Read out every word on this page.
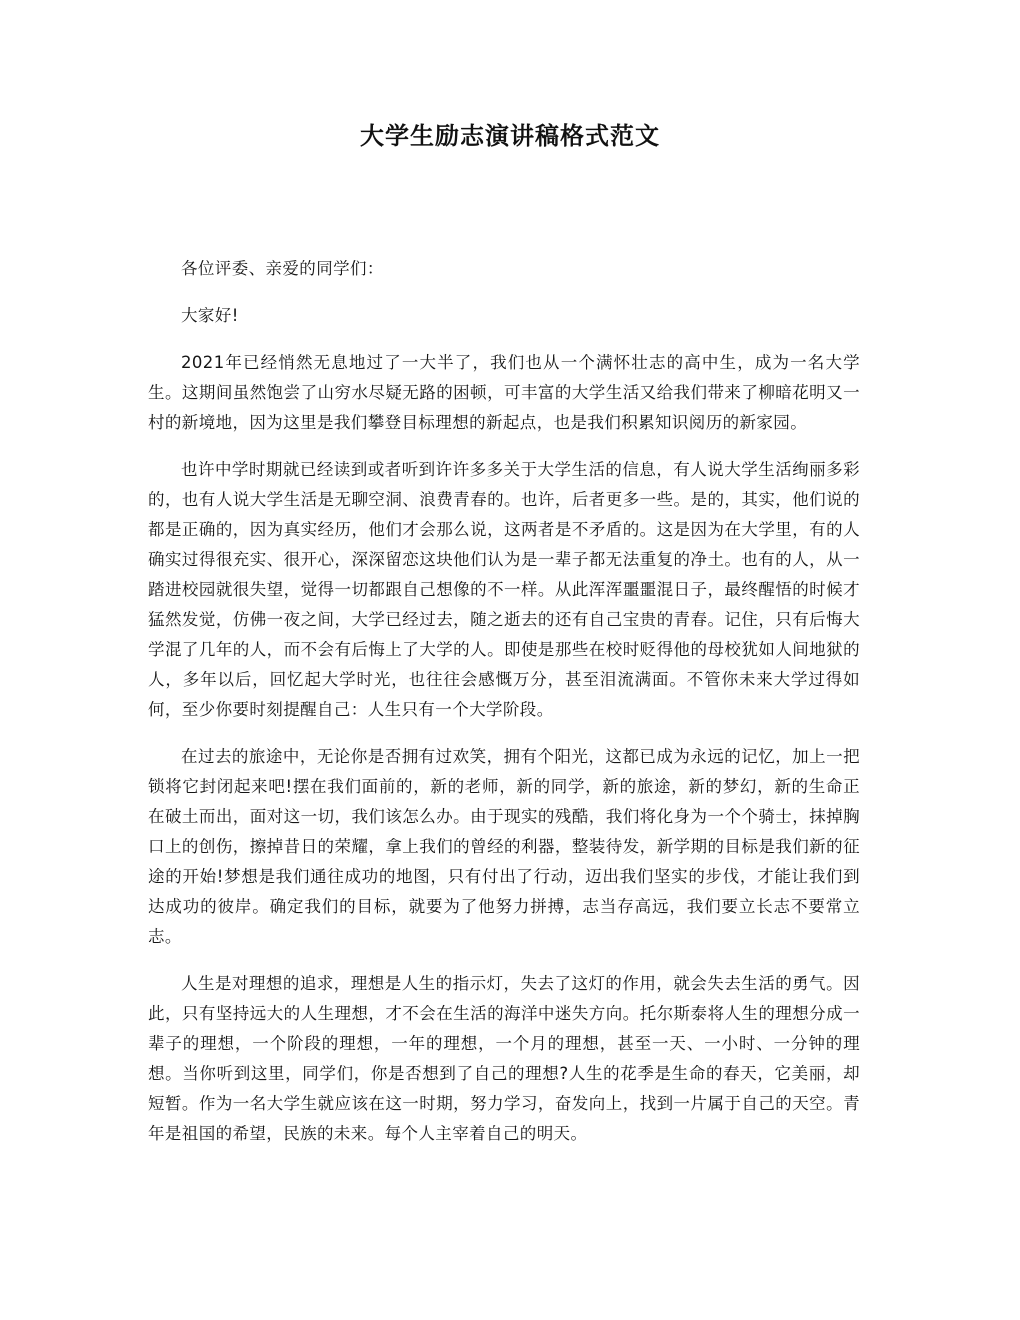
大学生励志演讲稿格式范文

各位评委、亲爱的同学们：

大家好!

2021年已经悄然无息地过了一大半了，我们也从一个满怀壮志的高中生，成为一名大学生。这期间虽然饱尝了山穷水尽疑无路的困顿，可丰富的大学生活又给我们带来了柳暗花明又一村的新境地，因为这里是我们攀登目标理想的新起点，也是我们积累知识阅历的新家园。

也许中学时期就已经读到或者听到许许多多关于大学生活的信息，有人说大学生活绚丽多彩的，也有人说大学生活是无聊空洞、浪费青春的。也许，后者更多一些。是的，其实，他们说的都是正确的，因为真实经历，他们才会那么说，这两者是不矛盾的。这是因为在大学里，有的人确实过得很充实、很开心，深深留恋这块他们认为是一辈子都无法重复的净土。也有的人，从一踏进校园就很失望，觉得一切都跟自己想像的不一样。从此浑浑噩噩混日子，最终醒悟的时候才猛然发觉，仿佛一夜之间，大学已经过去，随之逝去的还有自己宝贵的青春。记住，只有后悔大学混了几年的人，而不会有后悔上了大学的人。即使是那些在校时贬得他的母校犹如人间地狱的人，多年以后，回忆起大学时光，也往往会感慨万分，甚至泪流满面。不管你未来大学过得如何，至少你要时刻提醒自己：人生只有一个大学阶段。

在过去的旅途中，无论你是否拥有过欢笑，拥有个阳光，这都已成为永远的记忆，加上一把锁将它封闭起来吧!摆在我们面前的，新的老师，新的同学，新的旅途，新的梦幻，新的生命正在破土而出，面对这一切，我们该怎么办。由于现实的残酷，我们将化身为一个个骑士，抹掉胸口上的创伤，擦掉昔日的荣耀，拿上我们的曾经的利器，整装待发，新学期的目标是我们新的征途的开始!梦想是我们通往成功的地图，只有付出了行动，迈出我们坚实的步伐，才能让我们到达成功的彼岸。确定我们的目标，就要为了他努力拼搏，志当存高远，我们要立长志不要常立志。

人生是对理想的追求，理想是人生的指示灯，失去了这灯的作用，就会失去生活的勇气。因此，只有坚持远大的人生理想，才不会在生活的海洋中迷失方向。托尔斯泰将人生的理想分成一辈子的理想，一个阶段的理想，一年的理想，一个月的理想，甚至一天、一小时、一分钟的理想。当你听到这里，同学们，你是否想到了自己的理想?人生的花季是生命的春天，它美丽，却短暂。作为一名大学生就应该在这一时期，努力学习，奋发向上，找到一片属于自己的天空。青年是祖国的希望，民族的未来。每个人主宰着自己的明天。
